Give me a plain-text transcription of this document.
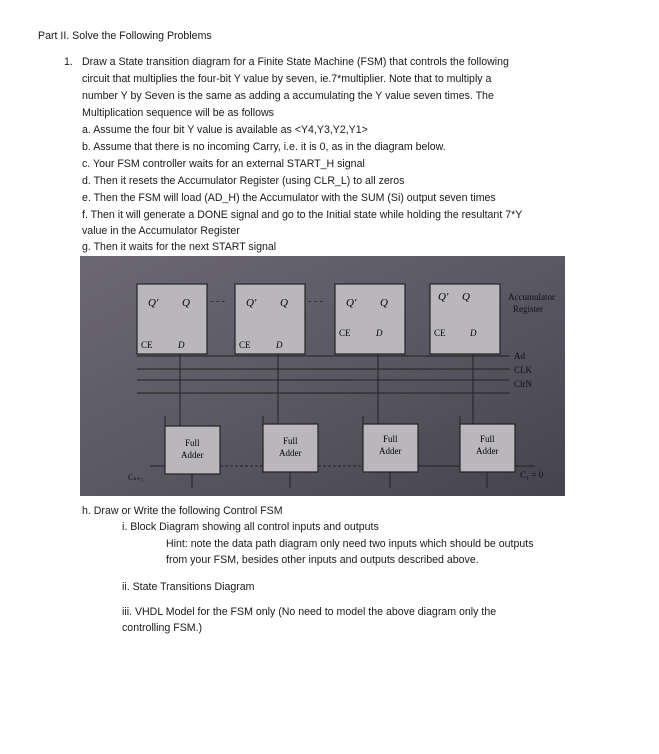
Part II. Solve the Following Problems
1. Draw a State transition diagram for a Finite State Machine (FSM) that controls the following
circuit that multiplies the four-bit Y value by seven, ie.7*multiplier. Note that to multiply a
number Y by Seven is the same as adding a accumulating the Y value seven times. The
Multiplication sequence will be as follows
a. Assume the four bit Y value is available as <Y4,Y3,Y2,Y1>
b. Assume that there is no incoming Carry, i.e. it is 0, as in the diagram below.
c. Your FSM controller waits for an external START_H signal
d. Then it resets the Accumulator Register (using CLR_L) to all zeros
e. Then the FSM will load (AD_H) the Accumulator with the SUM (Si) output seven times
f. Then it will generate a DONE signal and go to the Initial state while holding the resultant 7*Y
value in the Accumulator Register
g. Then it waits for the next START signal
Q' Q
CE	D
Q' Q
CE	D
Q' Q
CE	D
Q' Q
CE	D
- - -	- - -	Accumulator
Register
Ad
CLK
ClrN
Full
Adder
Full
Adder
Full
Adder
Full
Adder
C₁ = 0
Cₙ₊₁
h. Draw or Write the following Control FSM
i. Block Diagram showing all control inputs and outputs
Hint: note the data path diagram only need two inputs which should be outputs
from your FSM, besides other inputs and outputs described above.
ii. State Transitions Diagram
iii. VHDL Model for the FSM only (No need to model the above diagram only the
controlling FSM.)
